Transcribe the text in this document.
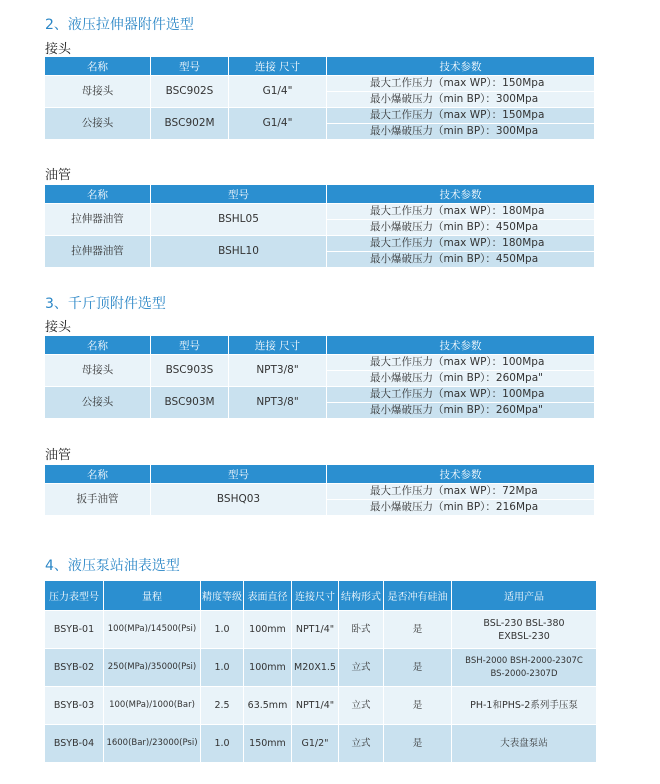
2、液压拉伸器附件选型
接头
名称	型号	连接 尺寸	技术参数
母接头	BSC902S	G1/4"	最大工作压力（max WP）：150Mpa
			最小爆破压力（min BP）：300Mpa
公接头	BSC902M	G1/4"	最大工作压力（max WP）：150Mpa
			最小爆破压力（min BP）：300Mpa
油管
名称	型号	技术参数
拉伸器油管	BSHL05	最大工作压力（max WP）：180Mpa
		最小爆破压力（min BP）：450Mpa
拉伸器油管	BSHL10	最大工作压力（max WP）：180Mpa
		最小爆破压力（min BP）：450Mpa
3、千斤顶附件选型
接头
名称	型号	连接 尺寸	技术参数
母接头	BSC903S	NPT3/8"	最大工作压力（max WP）：100Mpa
			最小爆破压力（min BP）：260Mpa"
公接头	BSC903M	NPT3/8"	最大工作压力（max WP）：100Mpa
			最小爆破压力（min BP）：260Mpa"
油管
名称	型号	技术参数
扳手油管	BSHQ03	最大工作压力（max WP）：72Mpa
		最小爆破压力（min BP）：216Mpa
4、液压泵站油表选型
压力表型号	量程	精度等级	表面直径	连接尺寸	结构形式	是否冲有硅油	适用产品
BSYB-01	100(MPa)/14500(Psi)	1.0	100mm	NPT1/4"	卧式	是	BSL-230 BSL-380
EXBSL-230

BSYB-02	250(MPa)/35000(Psi)	1.0	100mm	M20X1.5	立式	是	BSH-2000 BSH-2000-2307C
BS-2000-2307D

BSYB-03	100(MPa)/1000(Bar)	2.5	63.5mm	NPT1/4"	立式	是	PH-1和PHS-2系列手压泵

BSYB-04	1600(Bar)/23000(Psi)	1.0	150mm	G1/2"	立式	是	大表盘泵站
